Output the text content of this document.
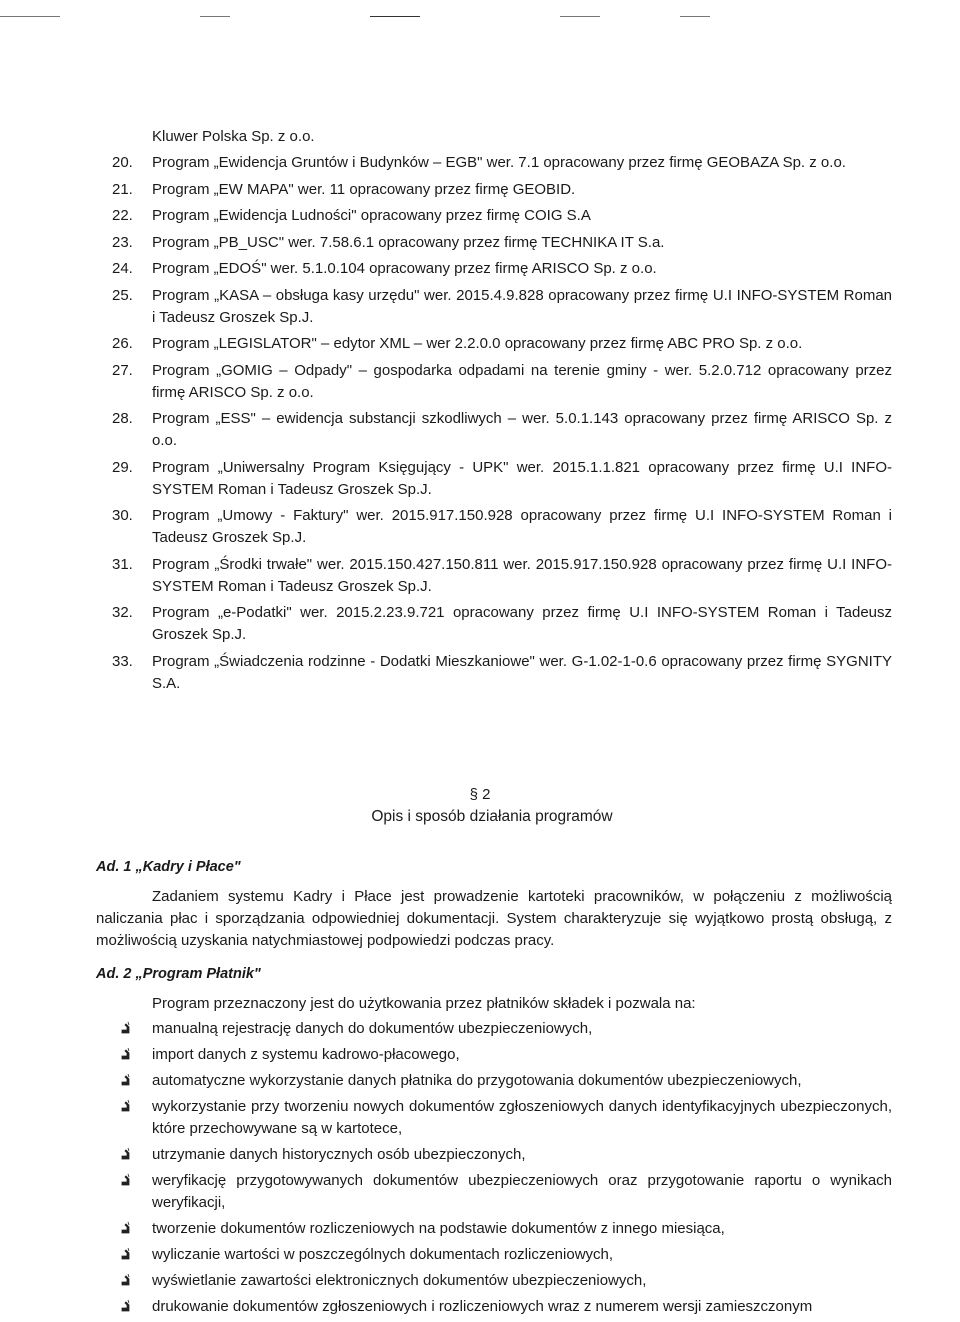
Kluwer Polska Sp. z o.o.

20.	Program „Ewidencja Gruntów i Budynków – EGB" wer. 7.1 opracowany przez firmę GEOBAZA Sp. z o.o.
21.	Program „EW MAPA" wer. 11 opracowany przez firmę GEOBID.
22.	Program „Ewidencja Ludności" opracowany przez firmę COIG S.A
23.	Program „PB_USC" wer. 7.58.6.1 opracowany przez firmę TECHNIKA IT S.a.
24.	Program „EDOŚ" wer. 5.1.0.104 opracowany przez firmę ARISCO Sp. z o.o.
25.	Program „KASA – obsługa kasy urzędu" wer. 2015.4.9.828 opracowany przez firmę U.I INFO-SYSTEM Roman i Tadeusz Groszek Sp.J.
26.	Program „LEGISLATOR" – edytor XML – wer 2.2.0.0 opracowany przez firmę ABC PRO Sp. z o.o.
27.	Program „GOMIG – Odpady" – gospodarka odpadami na terenie gminy - wer. 5.2.0.712 opracowany przez firmę ARISCO Sp. z o.o.
28.	Program „ESS" – ewidencja substancji szkodliwych – wer. 5.0.1.143 opracowany przez firmę ARISCO Sp. z o.o.
29.	Program „Uniwersalny Program Księgujący - UPK" wer. 2015.1.1.821 opracowany przez firmę U.I INFO-SYSTEM Roman i Tadeusz Groszek Sp.J.
30.	Program „Umowy - Faktury" wer. 2015.917.150.928 opracowany przez firmę U.I INFO-SYSTEM Roman i Tadeusz Groszek Sp.J.
31.	Program „Środki trwałe" wer. 2015.150.427.150.811 wer. 2015.917.150.928 opracowany przez firmę U.I INFO-SYSTEM Roman i Tadeusz Groszek Sp.J.
32.	Program „e-Podatki" wer. 2015.2.23.9.721 opracowany przez firmę U.I INFO-SYSTEM Roman i Tadeusz Groszek Sp.J.
33.	Program „Świadczenia rodzinne - Dodatki Mieszkaniowe" wer. G-1.02-1-0.6 opracowany przez firmę SYGNITY S.A.
§ 2
Opis i sposób działania programów
Ad. 1 „Kadry i Płace"

Zadaniem systemu Kadry i Płace jest prowadzenie kartoteki pracowników, w połączeniu z możliwością naliczania płac i sporządzania odpowiedniej dokumentacji. System charakteryzuje się wyjątkowo prostą obsługą, z możliwością uzyskania natychmiastowej podpowiedzi podczas pracy.

Ad. 2 „Program Płatnik"

Program przeznaczony jest do użytkowania przez płatników składek i pozwala na:

manualną rejestrację danych do dokumentów ubezpieczeniowych,
import danych z systemu kadrowo-płacowego,
automatyczne wykorzystanie danych płatnika do przygotowania dokumentów ubezpieczeniowych,
wykorzystanie przy tworzeniu nowych dokumentów zgłoszeniowych danych identyfikacyjnych ubezpieczonych, które przechowywane są w kartotece,
utrzymanie danych historycznych osób ubezpieczonych,
weryfikację przygotowywanych dokumentów ubezpieczeniowych oraz przygotowanie raportu o wynikach weryfikacji,
tworzenie dokumentów rozliczeniowych na podstawie dokumentów z innego miesiąca,
wyliczanie wartości w poszczególnych dokumentach rozliczeniowych,
wyświetlanie zawartości elektronicznych dokumentów ubezpieczeniowych,
drukowanie dokumentów zgłoszeniowych i rozliczeniowych wraz z numerem wersji zamieszczonym
